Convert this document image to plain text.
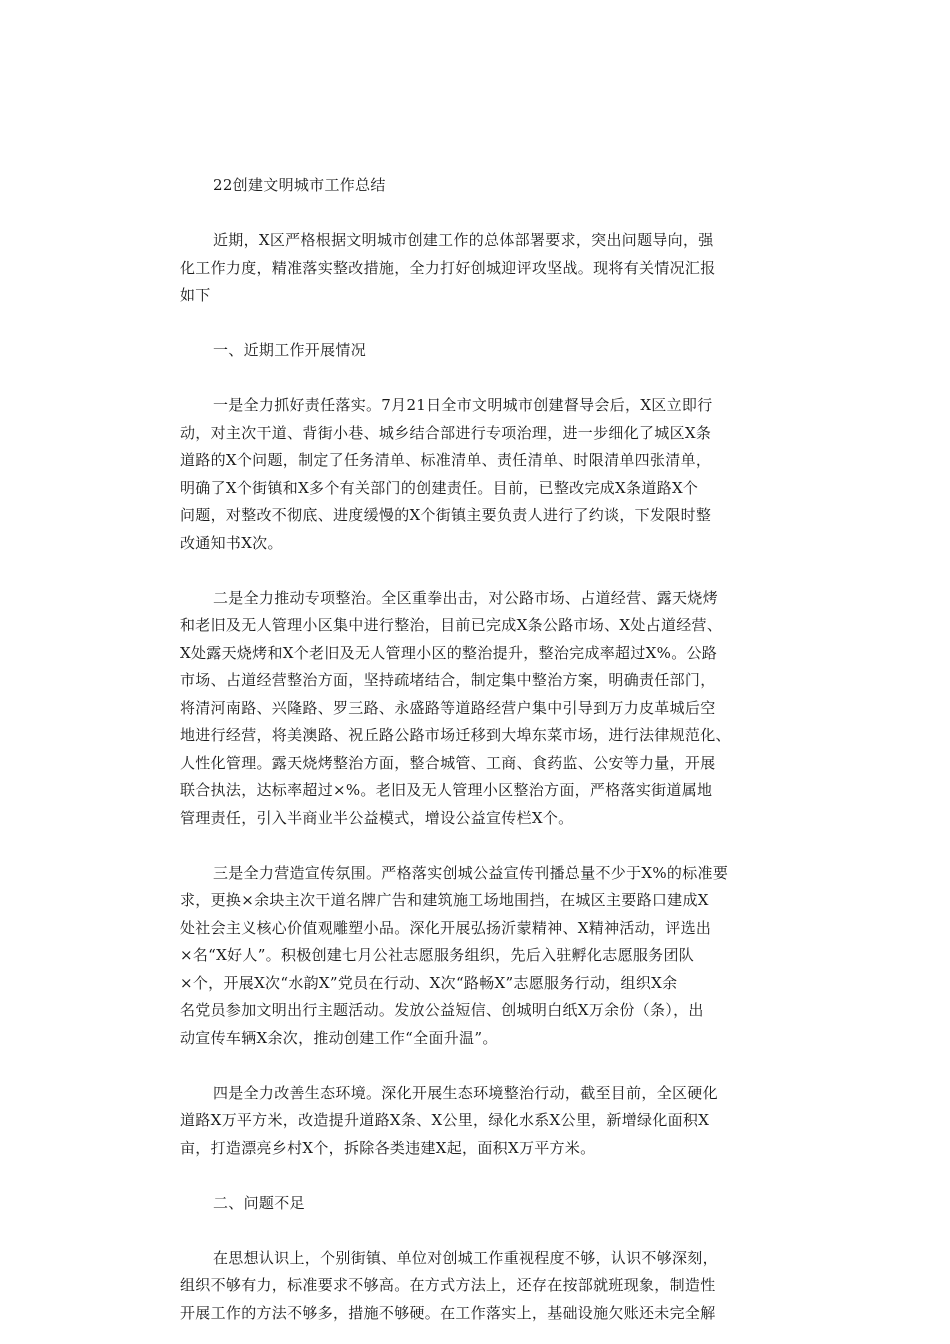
22创建文明城市工作总结
近期，X区严格根据文明城市创建工作的总体部署要求，突出问题导向，强
化工作力度，精准落实整改措施，全力打好创城迎评攻坚战。现将有关情况汇报
如下
一、近期工作开展情况
一是全力抓好责任落实。7月21日全市文明城市创建督导会后，X区立即行
动，对主次干道、背街小巷、城乡结合部进行专项治理，进一步细化了城区X条
道路的X个问题，制定了任务清单、标准清单、责任清单、时限清单四张清单，
明确了X个街镇和X多个有关部门的创建责任。目前，已整改完成X条道路X个
问题，对整改不彻底、进度缓慢的X个街镇主要负责人进行了约谈，下发限时整
改通知书X次。
二是全力推动专项整治。全区重拳出击，对公路市场、占道经营、露天烧烤
和老旧及无人管理小区集中进行整治，目前已完成X条公路市场、X处占道经营、
X处露天烧烤和X个老旧及无人管理小区的整治提升，整治完成率超过X%。公路
市场、占道经营整治方面，坚持疏堵结合，制定集中整治方案，明确责任部门，
将清河南路、兴隆路、罗三路、永盛路等道路经营户集中引导到万力皮革城后空
地进行经营，将美澳路、祝丘路公路市场迁移到大埠东菜市场，进行法律规范化、
人性化管理。露天烧烤整治方面，整合城管、工商、食药监、公安等力量，开展
联合执法，达标率超过×%。老旧及无人管理小区整治方面，严格落实街道属地
管理责任，引入半商业半公益模式，增设公益宣传栏X个。
三是全力营造宣传氛围。严格落实创城公益宣传刊播总量不少于X%的标准要
求，更换×余块主次干道名牌广告和建筑施工场地围挡，在城区主要路口建成X
处社会主义核心价值观雕塑小品。深化开展弘扬沂蒙精神、X精神活动，评选出
×名“X好人”。积极创建七月公社志愿服务组织，先后入驻孵化志愿服务团队
×个，开展X次“水韵X”党员在行动、X次“路畅X”志愿服务行动，组织X余
名党员参加文明出行主题活动。发放公益短信、创城明白纸X万余份（条），出
动宣传车辆X余次，推动创建工作“全面升温”。
四是全力改善生态环境。深化开展生态环境整治行动，截至目前，全区硬化
道路X万平方米，改造提升道路X条、X公里，绿化水系X公里，新增绿化面积X
亩，打造漂亮乡村X个，拆除各类违建X起，面积X万平方米。
二、问题不足
在思想认识上，个别街镇、单位对创城工作重视程度不够，认识不够深刻，
组织不够有力，标准要求不够高。在方式方法上，还存在按部就班现象，制造性
开展工作的方法不够多，措施不够硬。在工作落实上，基础设施欠账还未完全解
